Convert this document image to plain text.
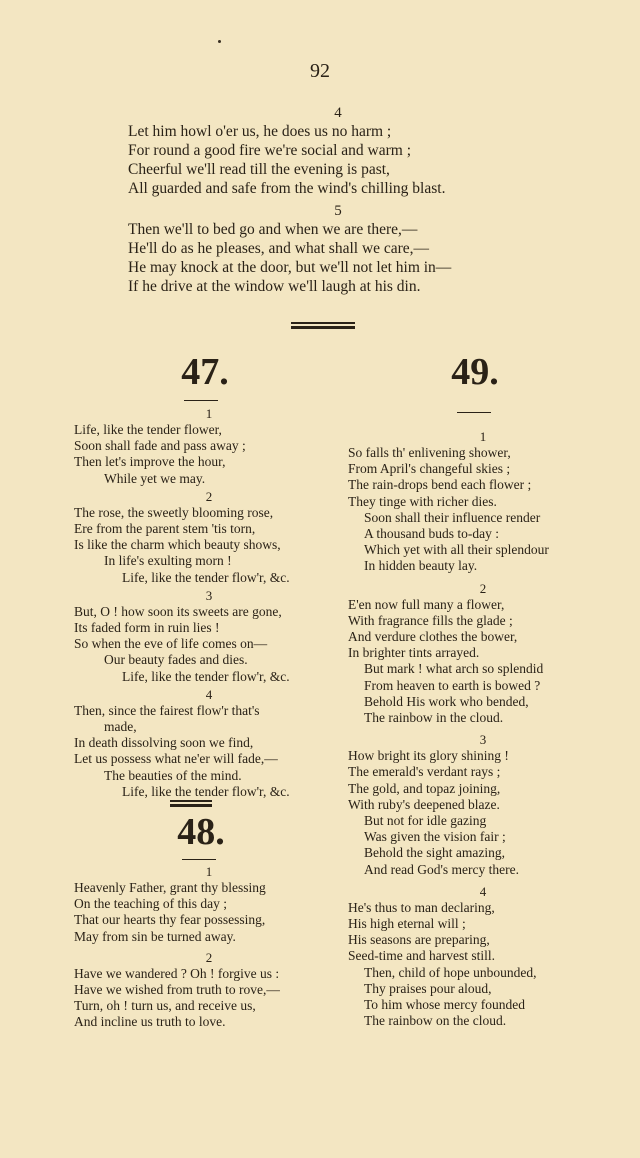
92
4
Let him howl o'er us, he does us no harm ;
For round a good fire we're social and warm ;
Cheerful we'll read till the evening is past,
All guarded and safe from the wind's chilling blast.
5
Then we'll to bed go and when we are there,—
He'll do as he pleases, and what shall we care,—
He may knock at the door, but we'll not let him in—
If he drive at the window we'll laugh at his din.
47.
1
Life, like the tender flower,
Soon shall fade and pass away ;
Then let's improve the hour,
While yet we may.
2
The rose, the sweetly blooming rose,
Ere from the parent stem 'tis torn,
Is like the charm which beauty shows,
In life's exulting morn !
Life, like the tender flow'r, &c.
3
But, O ! how soon its sweets are gone,
Its faded form in ruin lies !
So when the eve of life comes on—
Our beauty fades and dies.
Life, like the tender flow'r, &c.
4
Then, since the fairest flow'r that's
made,
In death dissolving soon we find,
Let us possess what ne'er will fade,—
The beauties of the mind.
Life, like the tender flow'r, &c.
48.
1
Heavenly Father, grant thy blessing
On the teaching of this day ;
That our hearts thy fear possessing,
May from sin be turned away.
2
Have we wandered ? Oh ! forgive us :
Have we wished from truth to rove,—
Turn, oh ! turn us, and receive us,
And incline us truth to love.
49.
1
So falls th' enlivening shower,
From April's changeful skies ;
The rain-drops bend each flower ;
They tinge with richer dies.
Soon shall their influence render
A thousand buds to-day :
Which yet with all their splendour
In hidden beauty lay.
2
E'en now full many a flower,
With fragrance fills the glade ;
And verdure clothes the bower,
In brighter tints arrayed.
But mark ! what arch so splendid
From heaven to earth is bowed ?
Behold His work who bended,
The rainbow in the cloud.
3
How bright its glory shining !
The emerald's verdant rays ;
The gold, and topaz joining,
With ruby's deepened blaze.
But not for idle gazing
Was given the vision fair ;
Behold the sight amazing,
And read God's mercy there.
4
He's thus to man declaring,
His high eternal will ;
His seasons are preparing,
Seed-time and harvest still.
Then, child of hope unbounded,
Thy praises pour aloud,
To him whose mercy founded
The rainbow on the cloud.
